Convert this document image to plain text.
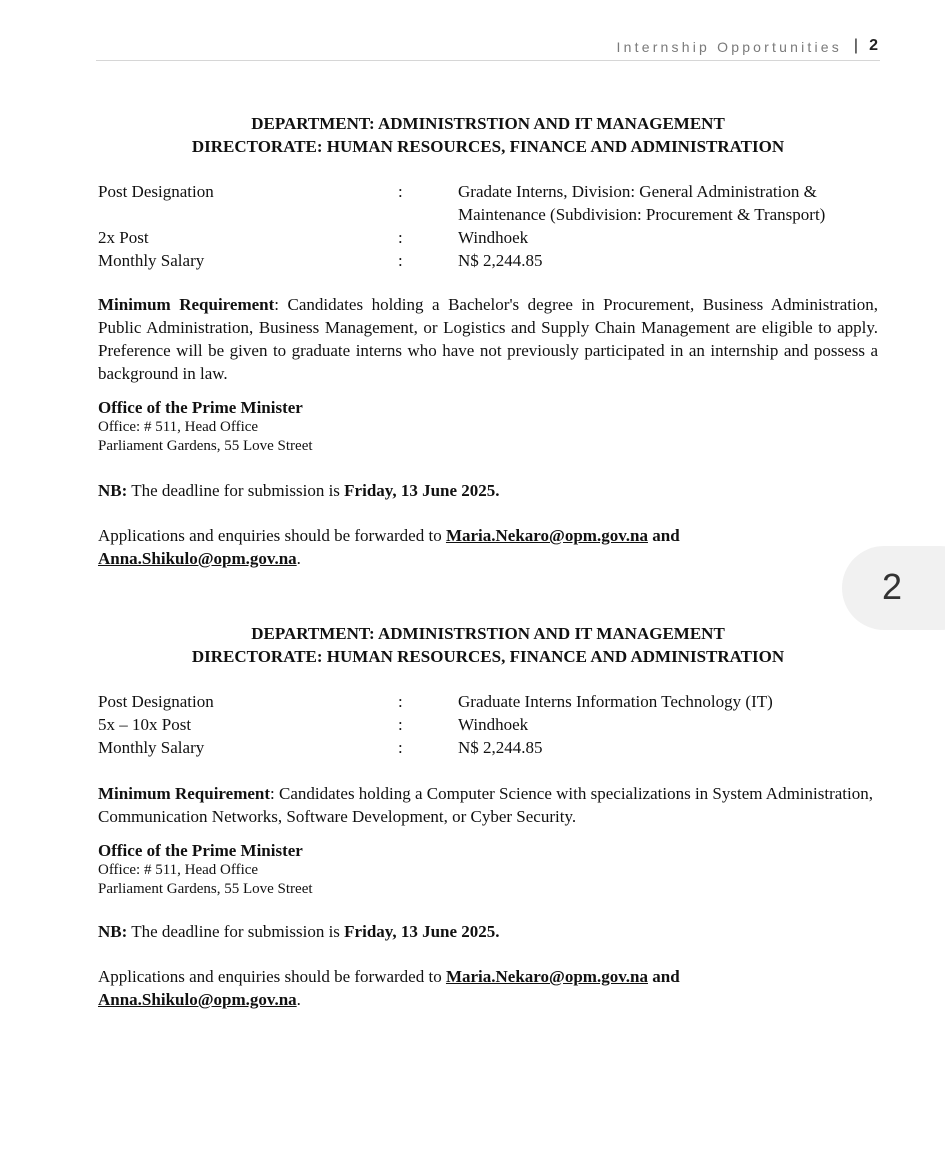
Internship Opportunities | 2
2
DEPARTMENT: ADMINISTRSTION AND IT MANAGEMENT
DIRECTORATE: HUMAN RESOURCES, FINANCE AND ADMINISTRATION
Post Designation	:	Gradate Interns, Division: General Administration & Maintenance (Subdivision: Procurement & Transport)
2x Post	:	Windhoek
Monthly Salary	:	N$ 2,244.85
Minimum Requirement: Candidates holding a Bachelor's degree in Procurement, Business Administration, Public Administration, Business Management, or Logistics and Supply Chain Management are eligible to apply. Preference will be given to graduate interns who have not previously participated in an internship and possess a background in law.
Office of the Prime Minister
Office: # 511, Head Office
Parliament Gardens, 55 Love Street
NB: The deadline for submission is Friday, 13 June 2025.
Applications and enquiries should be forwarded to Maria.Nekaro@opm.gov.na and
Anna.Shikulo@opm.gov.na.
DEPARTMENT: ADMINISTRSTION AND IT MANAGEMENT
DIRECTORATE: HUMAN RESOURCES, FINANCE AND ADMINISTRATION
Post Designation	:	Graduate Interns Information Technology (IT)
5x – 10x Post	:	Windhoek
Monthly Salary	:	N$ 2,244.85
Minimum Requirement: Candidates holding a Computer Science with specializations in System Administration, Communication Networks, Software Development, or Cyber Security.
Office of the Prime Minister
Office: # 511, Head Office
Parliament Gardens, 55 Love Street
NB: The deadline for submission is Friday, 13 June 2025.
Applications and enquiries should be forwarded to Maria.Nekaro@opm.gov.na and
Anna.Shikulo@opm.gov.na.
